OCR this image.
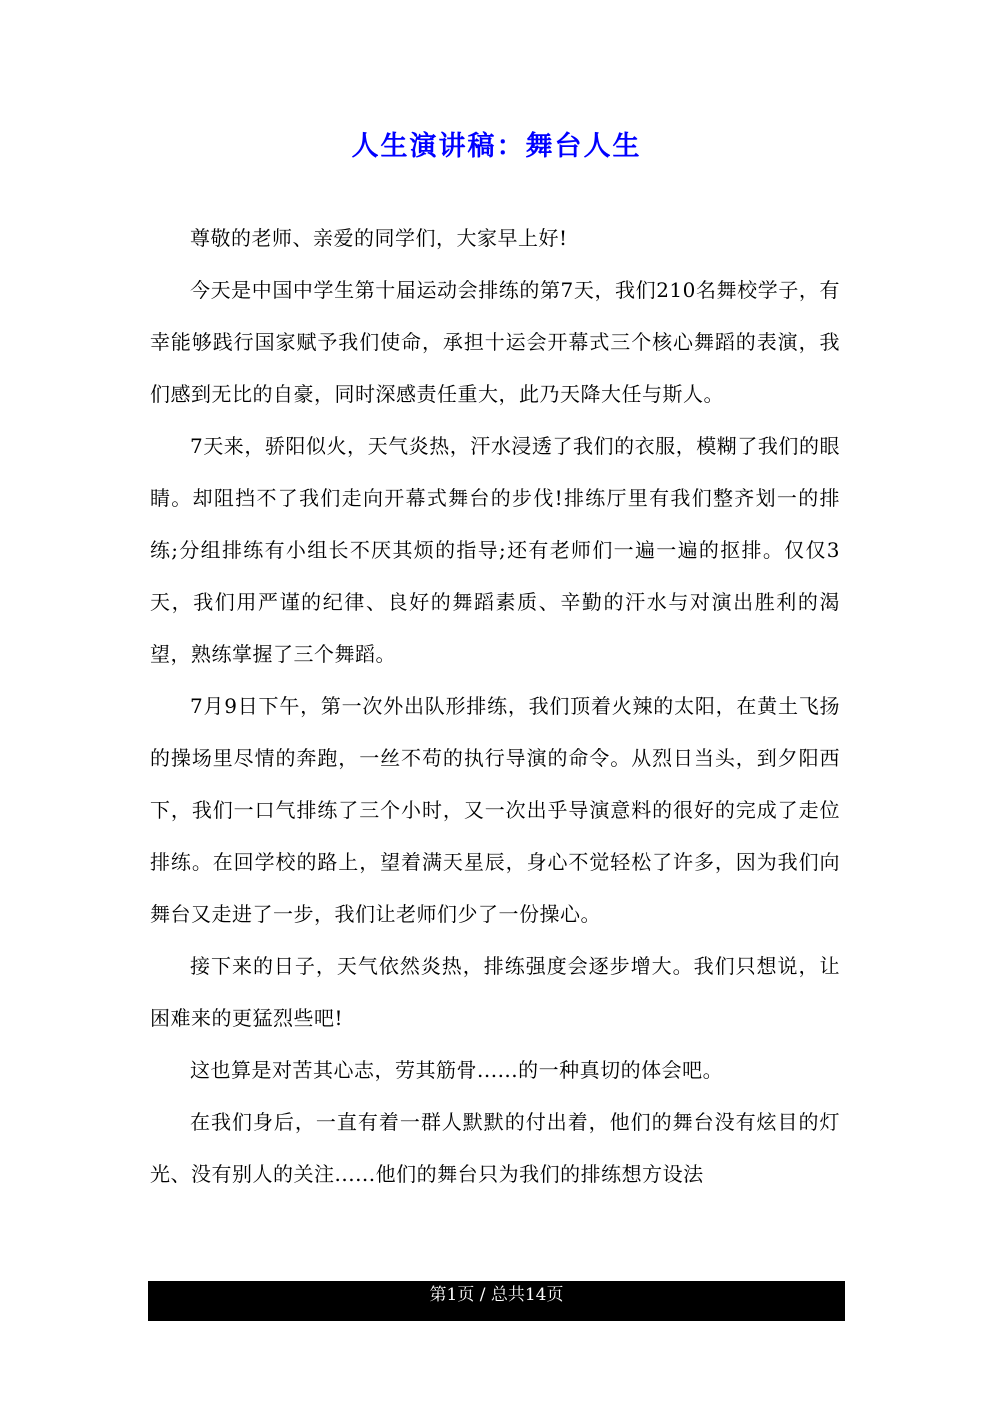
人生演讲稿：舞台人生

尊敬的老师、亲爱的同学们，大家早上好!

今天是中国中学生第十届运动会排练的第7天，我们210名舞校学子，有幸能够践行国家赋予我们使命，承担十运会开幕式三个核心舞蹈的表演，我们感到无比的自豪，同时深感责任重大，此乃天降大任与斯人。

7天来，骄阳似火，天气炎热，汗水浸透了我们的衣服，模糊了我们的眼睛。却阻挡不了我们走向开幕式舞台的步伐!排练厅里有我们整齐划一的排练;分组排练有小组长不厌其烦的指导;还有老师们一遍一遍的抠排。仅仅3天，我们用严谨的纪律、良好的舞蹈素质、辛勤的汗水与对演出胜利的渴望，熟练掌握了三个舞蹈。

7月9日下午，第一次外出队形排练，我们顶着火辣的太阳，在黄土飞扬的操场里尽情的奔跑，一丝不苟的执行导演的命令。从烈日当头，到夕阳西下，我们一口气排练了三个小时，又一次出乎导演意料的很好的完成了走位排练。在回学校的路上，望着满天星辰，身心不觉轻松了许多，因为我们向舞台又走进了一步，我们让老师们少了一份操心。

接下来的日子，天气依然炎热，排练强度会逐步增大。我们只想说，让困难来的更猛烈些吧!

这也算是对苦其心志，劳其筋骨......的一种真切的体会吧。

在我们身后，一直有着一群人默默的付出着，他们的舞台没有炫目的灯光、没有别人的关注......他们的舞台只为我们的排练想方设法

第1页 / 总共14页
